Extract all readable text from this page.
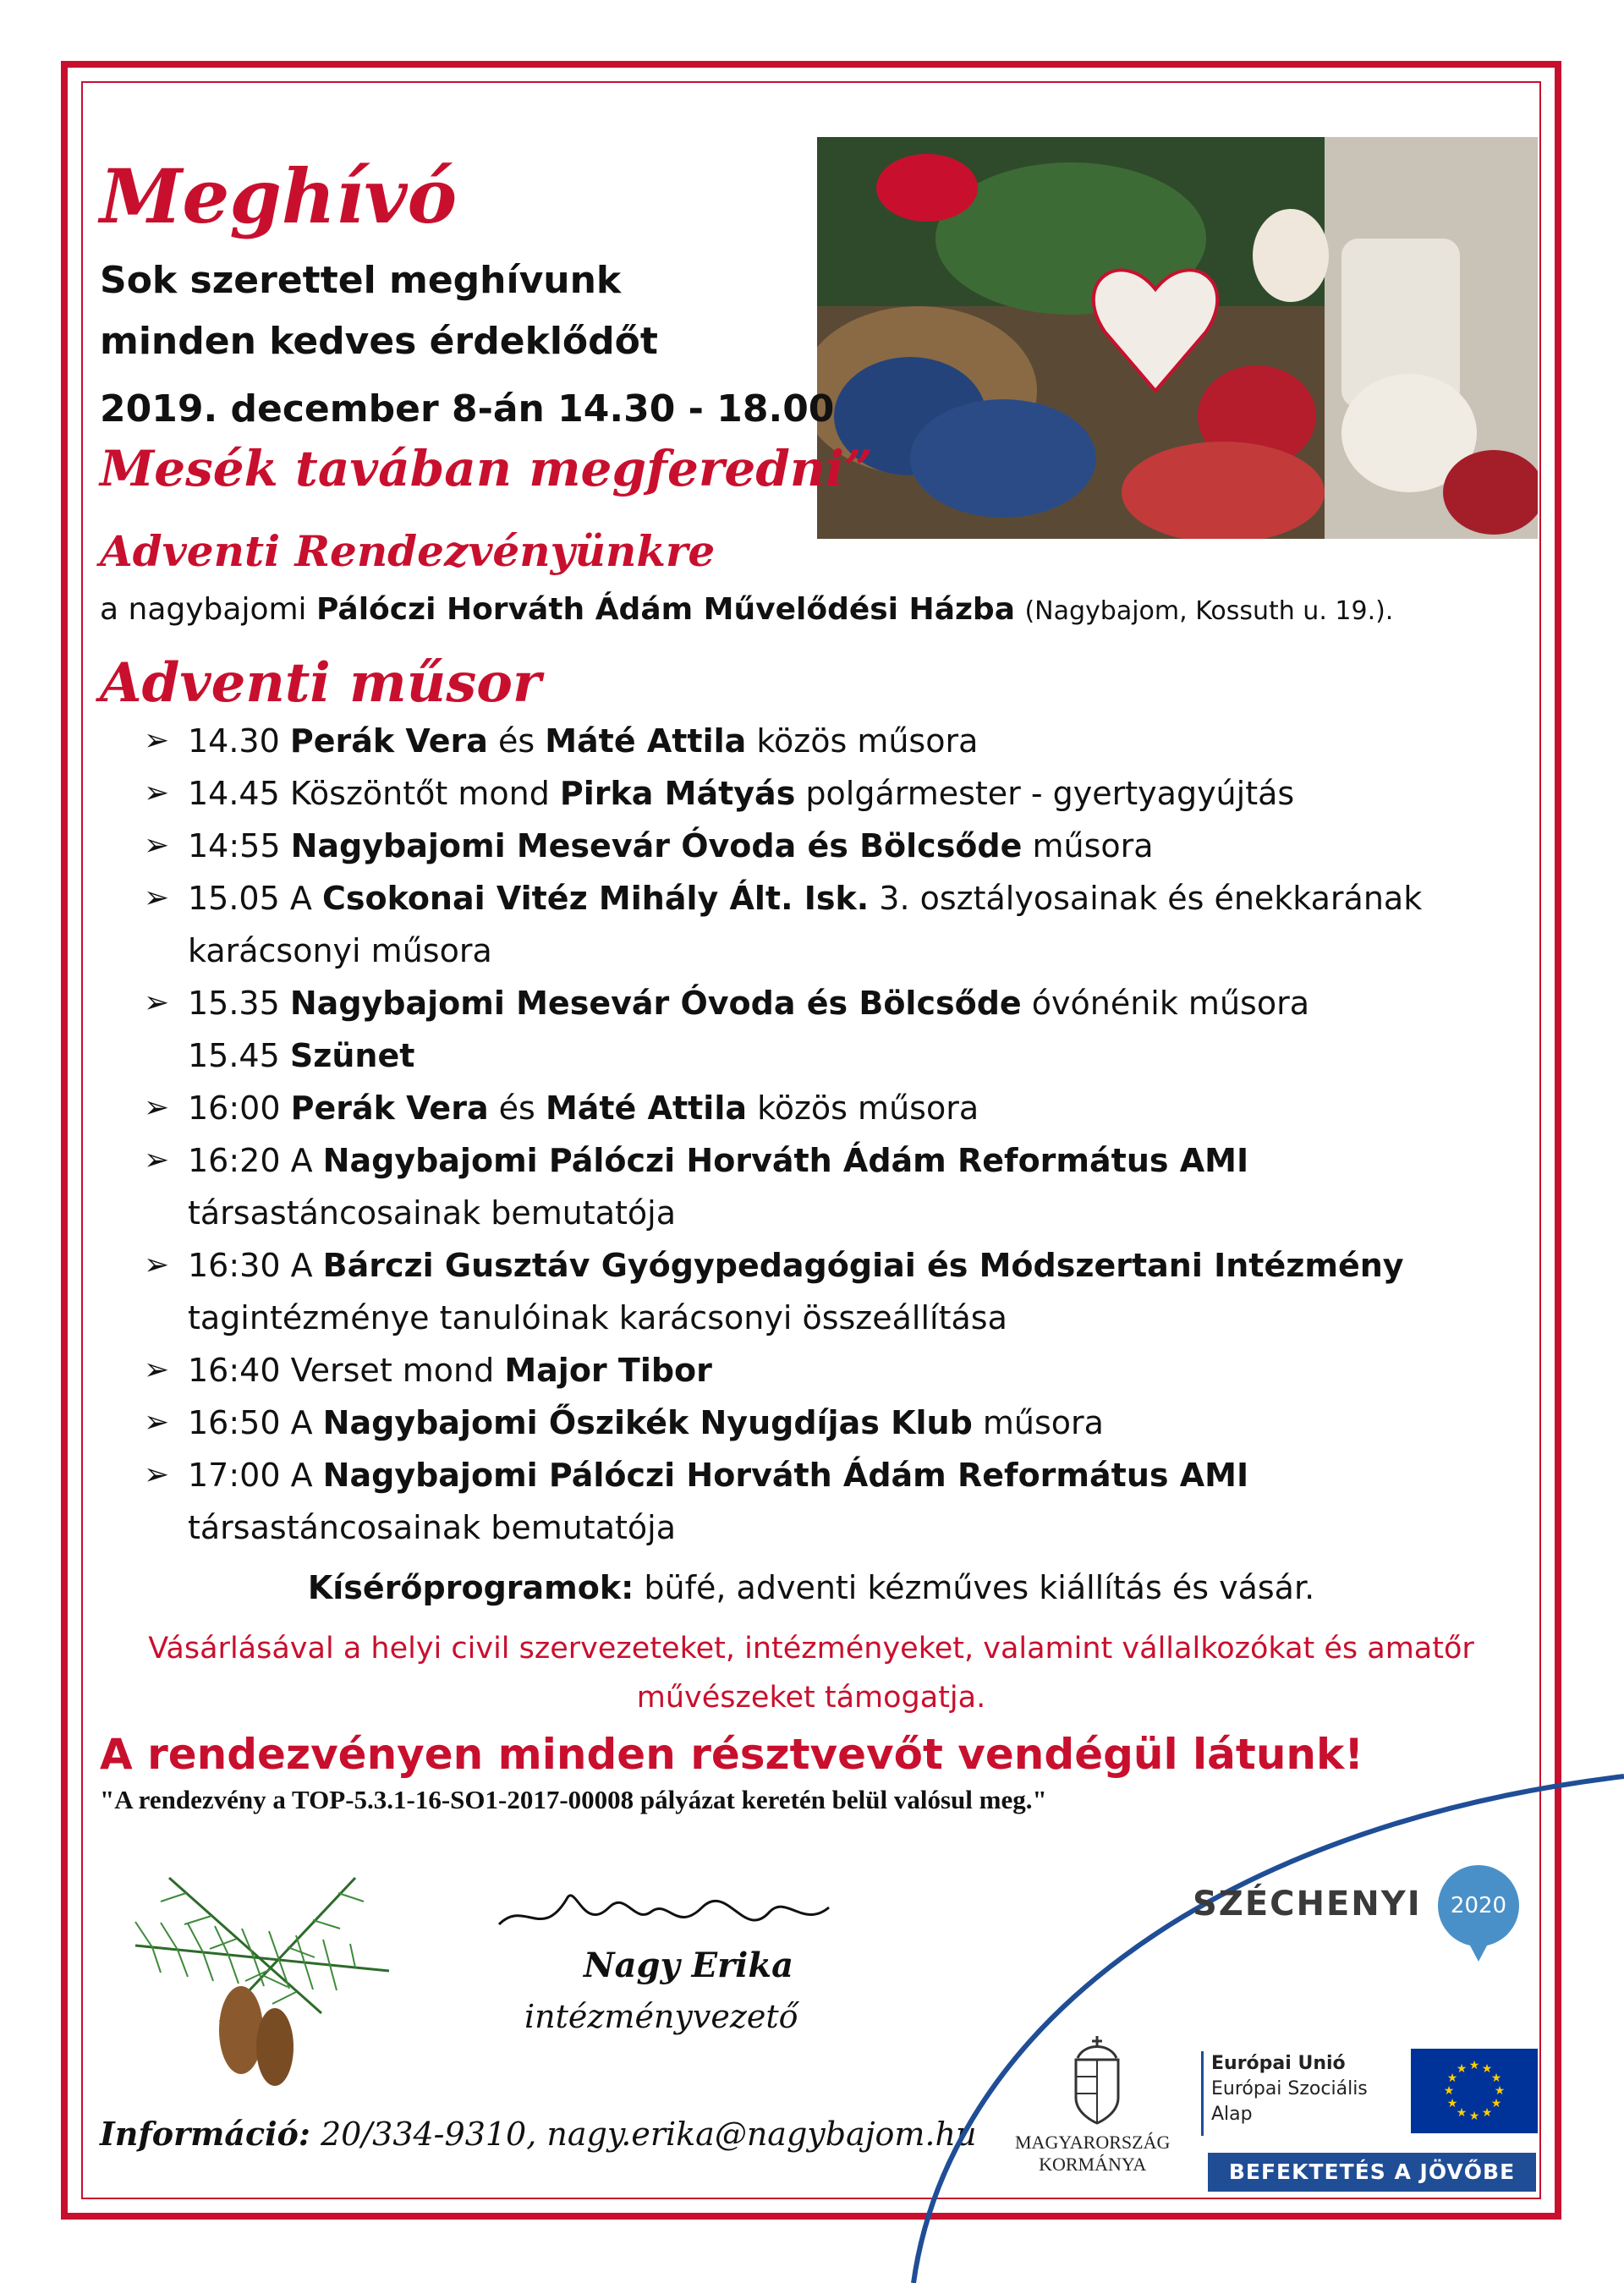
Meghívó
Sok szerettel meghívunk
minden kedves érdeklődőt
2019. december 8-án 14.30 - 18.00
Mesék tavában megferedni”
Adventi Rendezvényünkre
a nagybajomi Pálóczi Horváth Ádám Művelődési Házba (Nagybajom, Kossuth u. 19.).
Adventi műsor
➢ 14.30 Perák Vera és Máté Attila közös műsora
➢ 14.45 Köszöntőt mond Pirka Mátyás polgármester - gyertyagyújtás
➢ 14:55 Nagybajomi Mesevár Óvoda és Bölcsőde műsora
➢ 15.05 A Csokonai Vitéz Mihály Ált. Isk. 3. osztályosainak és énekkarának
karácsonyi műsora
➢ 15.35 Nagybajomi Mesevár Óvoda és Bölcsőde óvónénik műsora
15.45 Szünet
➢ 16:00 Perák Vera és Máté Attila közös műsora
➢ 16:20 A Nagybajomi Pálóczi Horváth Ádám Református AMI
társastáncosainak bemutatója
➢ 16:30 A Bárczi Gusztáv Gyógypedagógiai és Módszertani Intézmény
tagintézménye tanulóinak karácsonyi összeállítása
➢ 16:40 Verset mond Major Tibor
➢ 16:50 A Nagybajomi Őszikék Nyugdíjas Klub műsora
➢ 17:00 A Nagybajomi Pálóczi Horváth Ádám Református AMI
társastáncosainak bemutatója
Kísérőprogramok: büfé, adventi kézműves kiállítás és vásár.
Vásárlásával a helyi civil szervezeteket, intézményeket, valamint vállalkozókat és amatőr
művészeket támogatja.
A rendezvényen minden résztvevőt vendégül látunk!
"A rendezvény a TOP-5.3.1-16-SO1-2017-00008 pályázat keretén belül valósul meg."
Nagy Erika
intézményvezető
Információ: 20/334-9310, nagy.erika@nagybajom.hu
SZÉCHENYI	2020
MAGYARORSZÁG
KORMÁNYA
Európai Unió
Európai Szociális
Alap
★ ★
★
★
★
★
★
★
★
★
★
★
BEFEKTETÉS A JÖVŐBE
